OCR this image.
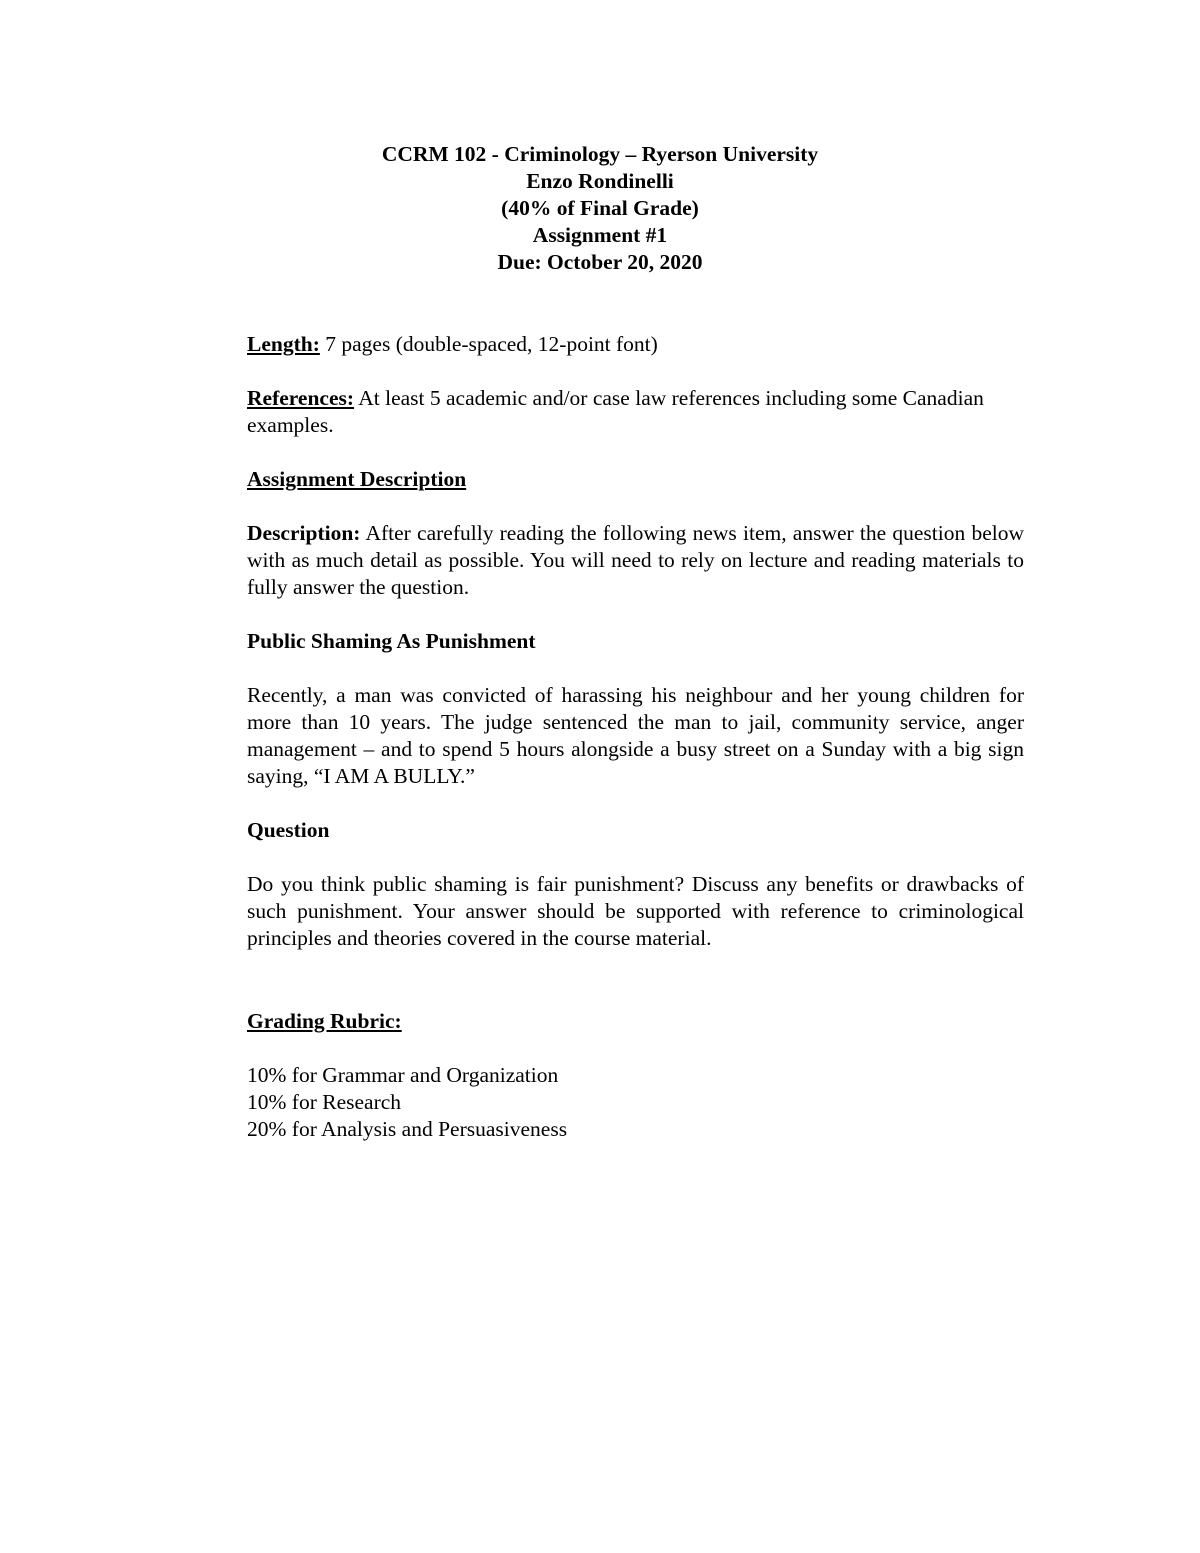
CCRM 102 - Criminology – Ryerson University
Enzo Rondinelli
(40% of Final Grade)
Assignment #1
Due: October 20, 2020

Length: 7 pages (double-spaced, 12-point font)

References: At least 5 academic and/or case law references including some Canadian examples.

Assignment Description

Description: After carefully reading the following news item, answer the question below with as much detail as possible. You will need to rely on lecture and reading materials to fully answer the question.

Public Shaming As Punishment

Recently, a man was convicted of harassing his neighbour and her young children for more than 10 years. The judge sentenced the man to jail, community service, anger management – and to spend 5 hours alongside a busy street on a Sunday with a big sign saying, “I AM A BULLY.”

Question

Do you think public shaming is fair punishment? Discuss any benefits or drawbacks of such punishment. Your answer should be supported with reference to criminological principles and theories covered in the course material.

Grading Rubric:

10% for Grammar and Organization
10% for Research
20% for Analysis and Persuasiveness
